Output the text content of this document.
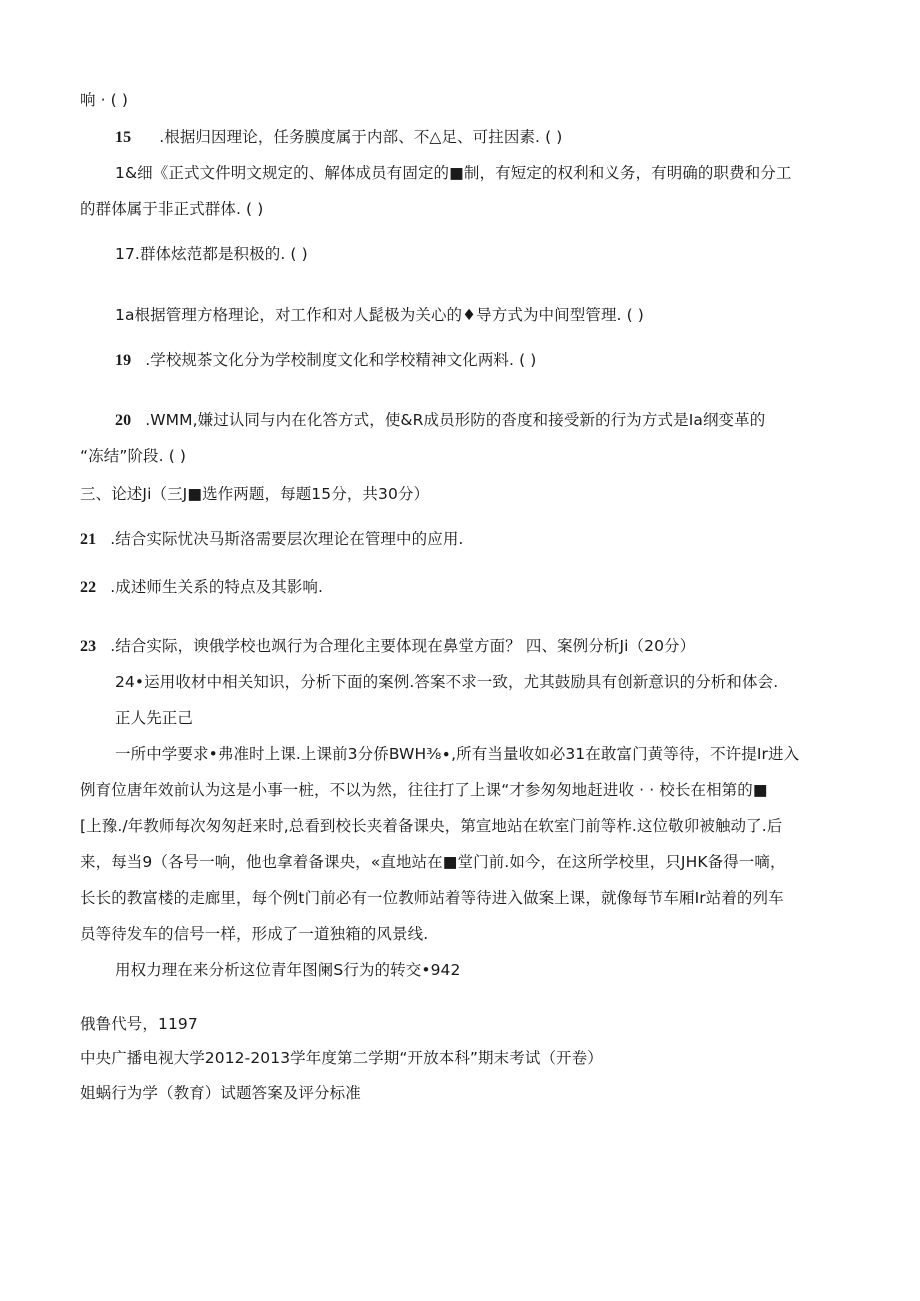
响 · ( )
15 .根据归因理论，任务膜度属于内部、不△足、可拄因素. ( )
1&细《正式文件明文规定的、解体成员有固定的■制，有短定的权利和义务，有明确的职费和分工
的群体属于非正式群体. ( )
17.群体炫范都是积极的. ( )
1a根据管理方格理论，对工作和对人髭极为关心的♦导方式为中间型管理. ( )
19 .学校规茶文化分为学校制度文化和学校精神文化两料. ( )
20 .WMM,嫌过认同与内在化答方式，使&R成员形防的沓度和接受新的行为方式是Ia纲变革的
“冻结”阶段. ( )
三、论述Ji（三J■选作两题，每题15分，共30分）
21 .结合实际忧决马斯洛需要层次理论在管理中的应用.
22 .成述师生关系的特点及其影响.
23 .结合实际，谀俄学校也飒行为合理化主要体现在鼻堂方面？ 四、案例分析Ji（20分）
24•运用收材中相关知识，分析下面的案例.答案不求一致，尤其鼓励具有创新意识的分析和体会.
正人先正己
一所中学要求•弗准时上课.上课前3分侨BWH⅜∙,所有当量收如必31在敢富门黄等待，不许提Ir进入
例育位唐年效前认为这是小事一桩，不以为然，往往打了上课“才参匆匆地赶进收 · · 校长在相第的■
[上豫./年教师每次匆匆赶来时,总看到校长夹着备课央，第宣地站在软室门前等柞.这位敬卯被触动了.后
来，每当9（各号一响，他也拿着备课央，«直地站在■堂门前.如今，在这所学校里，只JHK备得一嘀，
长长的教富楼的走廊里，每个例t门前必有一位教师站着等待进入做案上课，就像每节车厢Ir站着的列车
员等待发车的信号一样，形成了一道独箱的风景线.
用权力理在来分析这位青年图阑S行为的转交•942
俄鲁代号，1197
中央广播电视大学2012-2013学年度第二学期“开放本科”期末考试（开卷）
姐蜗行为学（教育）试题答案及评分标准
